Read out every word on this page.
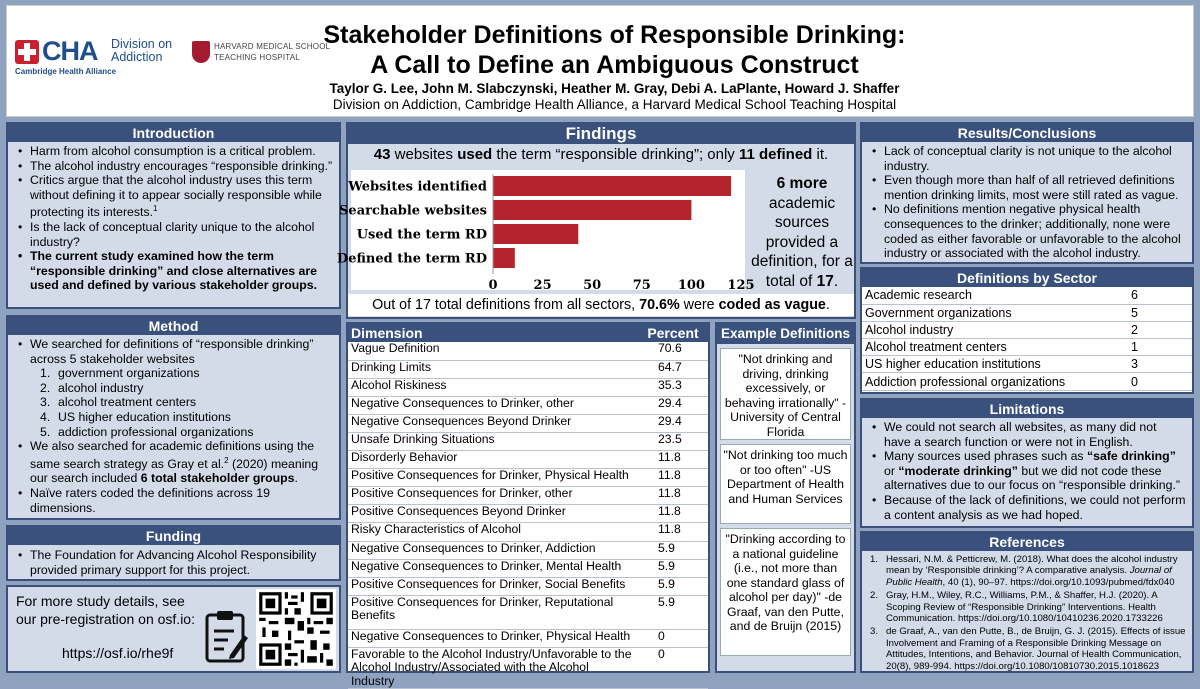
CHA Division on Addiction
Cambridge Health Alliance
HARVARD MEDICAL SCHOOL
TEACHING HOSPITAL
Stakeholder Definitions of Responsible Drinking:
A Call to Define an Ambiguous Construct
Taylor G. Lee, John M. Slabczynski, Heather M. Gray, Debi A. LaPlante, Howard J. Shaffer
Division on Addiction, Cambridge Health Alliance, a Harvard Medical School Teaching Hospital
Introduction
• Harm from alcohol consumption is a critical problem.
• The alcohol industry encourages “responsible drinking.”
• Critics argue that the alcohol industry uses this term without defining it to appear socially responsible while protecting its interests.$^1$
• Is the lack of conceptual clarity unique to the alcohol industry?
• The current study examined how the term “responsible drinking” and close alternatives are used and defined by various stakeholder groups.
Method
• We searched for definitions of “responsible drinking” across 5 stakeholder websites
1. government organizations
2. alcohol industry
3. alcohol treatment centers
4. US higher education institutions
5. addiction professional organizations
• We also searched for academic definitions using the same search strategy as Gray et al.$^2$ (2020) meaning our search included 6 total stakeholder groups.
• Naïve raters coded the definitions across 19 dimensions.
Funding
• The Foundation for Advancing Alcohol Responsibility provided primary support for this project.
For more study details, see our pre-registration on osf.io:
https://osf.io/rhe9f
Findings
43 websites used the term “responsible drinking”; only 11 defined it.
Websites identified
Searchable websites
Used the term RD
Defined the term RD
0	25 50 75 100 125
6 more
academic sources provided a definition, for a total of 17.
Out of 17 total definitions from all sectors, 70.6% were coded as vague.
Dimension	Percent
Vague Definition	70.6
Drinking Limits	64.7
Alcohol Riskiness	35.3
Negative Consequences to Drinker, other	29.4
Negative Consequences Beyond Drinker	29.4
Unsafe Drinking Situations	23.5
Disorderly Behavior	11.8
Positive Consequences for Drinker, Physical Health	11.8
Positive Consequences for Drinker, other	11.8
Positive Consequences Beyond Drinker	11.8
Risky Characteristics of Alcohol	11.8
Negative Consequences to Drinker, Addiction	5.9
Negative Consequences to Drinker, Mental Health	5.9
Positive Consequences for Drinker, Social Benefits	5.9
Positive Consequences for Drinker, Reputational Benefits	5.9
Negative Consequences to Drinker, Physical Health	0
Favorable to the Alcohol Industry/Unfavorable to the Alcohol Industry/Associated with the Alcohol Industry	0
Example Definitions
"Not drinking and driving, drinking excessively, or behaving irrationally" -University of Central Florida
"Not drinking too much or too often" -US Department of Health and Human Services
"Drinking according to a national guideline (i.e., not more than one standard glass of alcohol per day)" -de Graaf, van den Putte, and de Bruijn (2015)
Results/Conclusions
• Lack of conceptual clarity is not unique to the alcohol industry.
• Even though more than half of all retrieved definitions mention drinking limits, most were still rated as vague.
• No definitions mention negative physical health consequences to the drinker; additionally, none were coded as either favorable or unfavorable to the alcohol industry or associated with the alcohol industry.
Definitions by Sector
Academic research	6
Government organizations	5
Alcohol industry	2
Alcohol treatment centers	1
US higher education institutions	3
Addiction professional organizations	0
Limitations
• We could not search all websites, as many did not have a search function or were not in English.
• Many sources used phrases such as “safe drinking” or “moderate drinking” but we did not code these alternatives due to our focus on “responsible drinking.”
• Because of the lack of definitions, we could not perform a content analysis as we had hoped.
References
1. Hessari, N.M. & Petticrew, M. (2018). What does the alcohol industry mean by ‘Responsible drinking’? A comparative analysis. Journal of Public Health, 40 (1), 90–97. https://doi.org/10.1093/pubmed/fdx040
2. Gray, H.M., Wiley, R.C., Williams, P.M., & Shaffer, H.J. (2020). A Scoping Review of “Responsible Drinking” Interventions. Health Communication. https://doi.org/10.1080/10410236.2020.1733226
3. de Graaf, A., van den Putte, B., de Bruijn, G. J. (2015). Effects of issue Involvement and Framing of a Responsible Drinking Message on Attitudes, Intentions, and Behavior. Journal of Health Communication, 20(8), 989-994. https://doi.org/10.1080/10810730.2015.1018623
